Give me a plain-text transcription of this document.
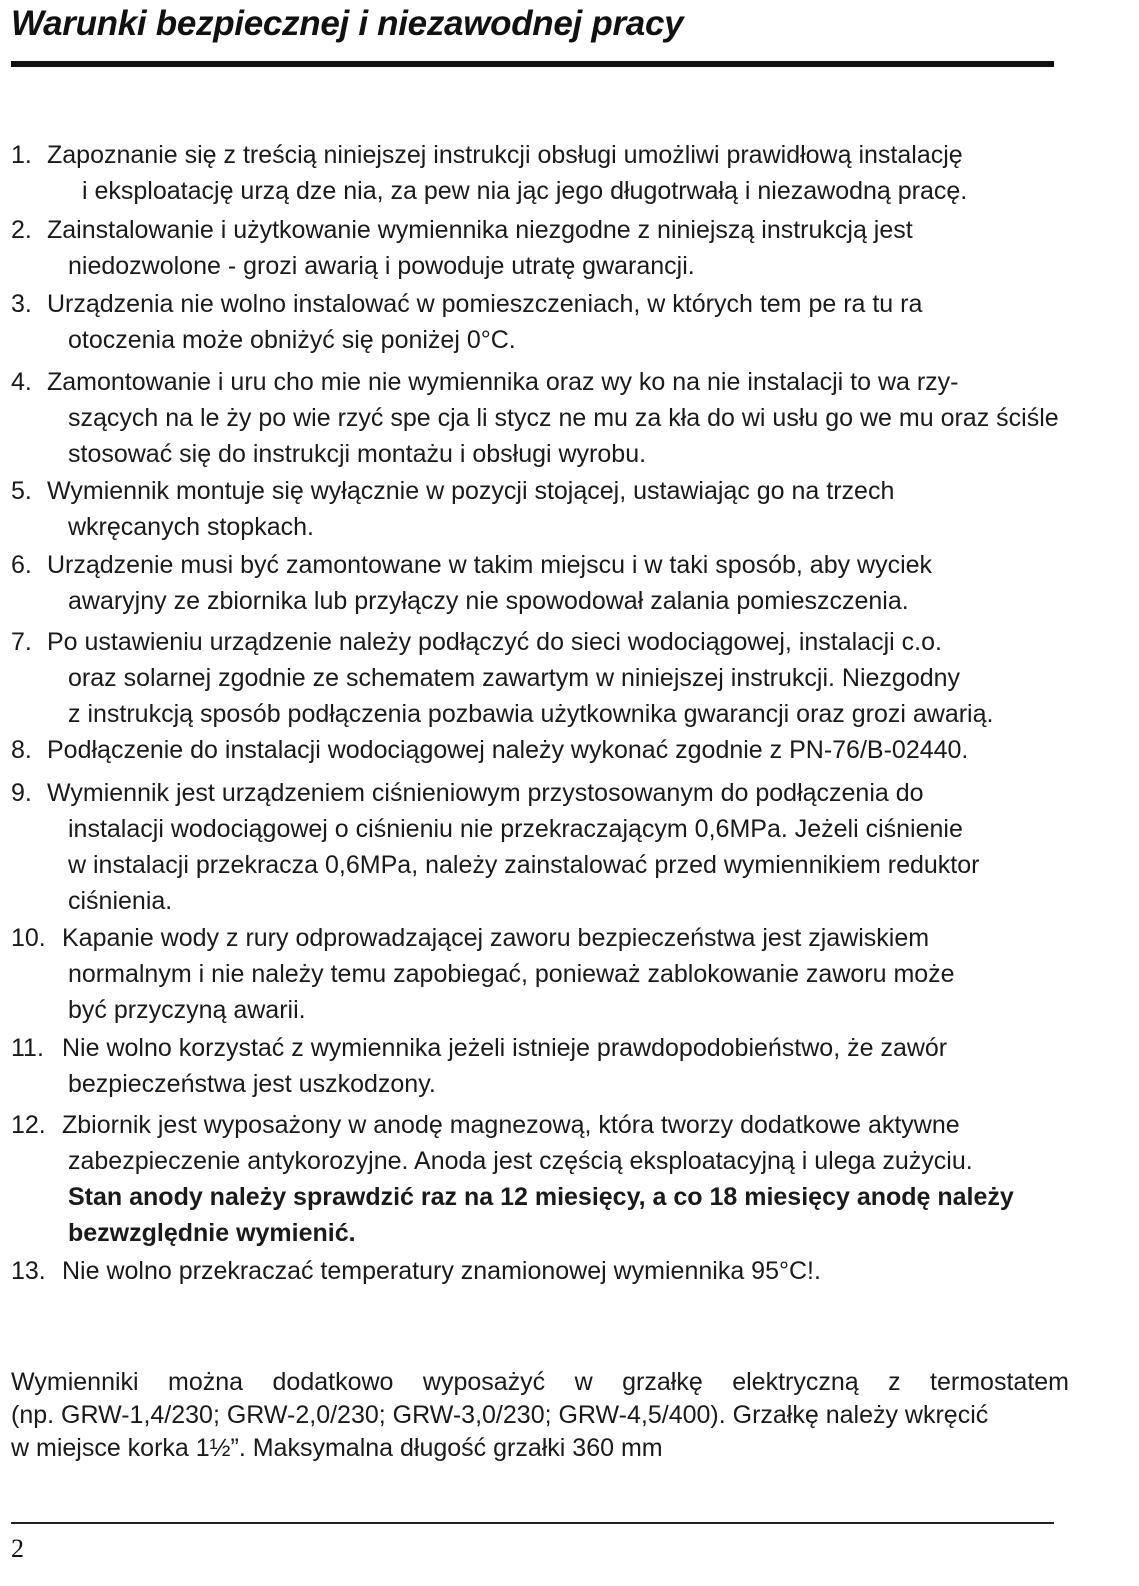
Warunki bezpiecznej i niezawodnej pracy
1. Zapoznanie się z treścią niniejszej instrukcji obsługi umożliwi prawidłową instalację
i eksploatację urzą dze nia, za pew nia jąc jego długotrwałą i niezawodną pracę.
2. Zainstalowanie i użytkowanie wymiennika niezgodne z niniejszą instrukcją jest
niedozwolone - grozi awarią i powoduje utratę gwarancji.
3. Urządzenia nie wolno instalować w pomieszczeniach, w których tem pe ra tu ra
otoczenia może obniżyć się poniżej 0°C.
4. Zamontowanie i uru cho mie nie wymiennika oraz wy ko na nie instalacji to wa rzy-
szących na le ży po wie rzyć spe cja li stycz ne mu za kła do wi usłu go we mu oraz ściśle
stosować się do instrukcji montażu i obsługi wyrobu.
5. Wymiennik montuje się wyłącznie w pozycji stojącej, ustawiając go na trzech
wkręcanych stopkach.
6. Urządzenie musi być zamontowane w takim miejscu i w taki sposób, aby wyciek
awaryjny ze zbiornika lub przyłączy nie spowodował zalania pomieszczenia.
7. Po ustawieniu urządzenie należy podłączyć do sieci wodociągowej, instalacji c.o.
oraz solarnej zgodnie ze schematem zawartym w niniejszej instrukcji. Niezgodny
z instrukcją sposób podłączenia pozbawia użytkownika gwarancji oraz grozi awarią.
8. Podłączenie do instalacji wodociągowej należy wykonać zgodnie z PN-76/B-02440.
9. Wymiennik jest urządzeniem ciśnieniowym przystosowanym do podłączenia do
instalacji wodociągowej o ciśnieniu nie przekraczającym 0,6MPa. Jeżeli ciśnienie
w instalacji przekracza 0,6MPa, należy zainstalować przed wymiennikiem reduktor
ciśnienia.
10. Kapanie wody z rury odprowadzającej zaworu bezpieczeństwa jest zjawiskiem
normalnym i nie należy temu zapobiegać, ponieważ zablokowanie zaworu może
być przyczyną awarii.
11. Nie wolno korzystać z wymiennika jeżeli istnieje prawdopodobieństwo, że zawór
bezpieczeństwa jest uszkodzony.
12. Zbiornik jest wyposażony w anodę magnezową, która tworzy dodatkowe aktywne
zabezpieczenie antykorozyjne. Anoda jest częścią eksploatacyjną i ulega zużyciu.
Stan anody należy sprawdzić raz na 12 miesięcy, a co 18 miesięcy anodę należy
bezwzględnie wymienić.
13. Nie wolno przekraczać temperatury znamionowej wymiennika 95°C!.
Wymienniki można dodatkowo wyposażyć w grzałkę elektryczną z termostatem
(np. GRW-1,4/230; GRW-2,0/230; GRW-3,0/230; GRW-4,5/400). Grzałkę należy wkręcić
w miejsce korka 1½”. Maksymalna długość grzałki 360 mm
2
